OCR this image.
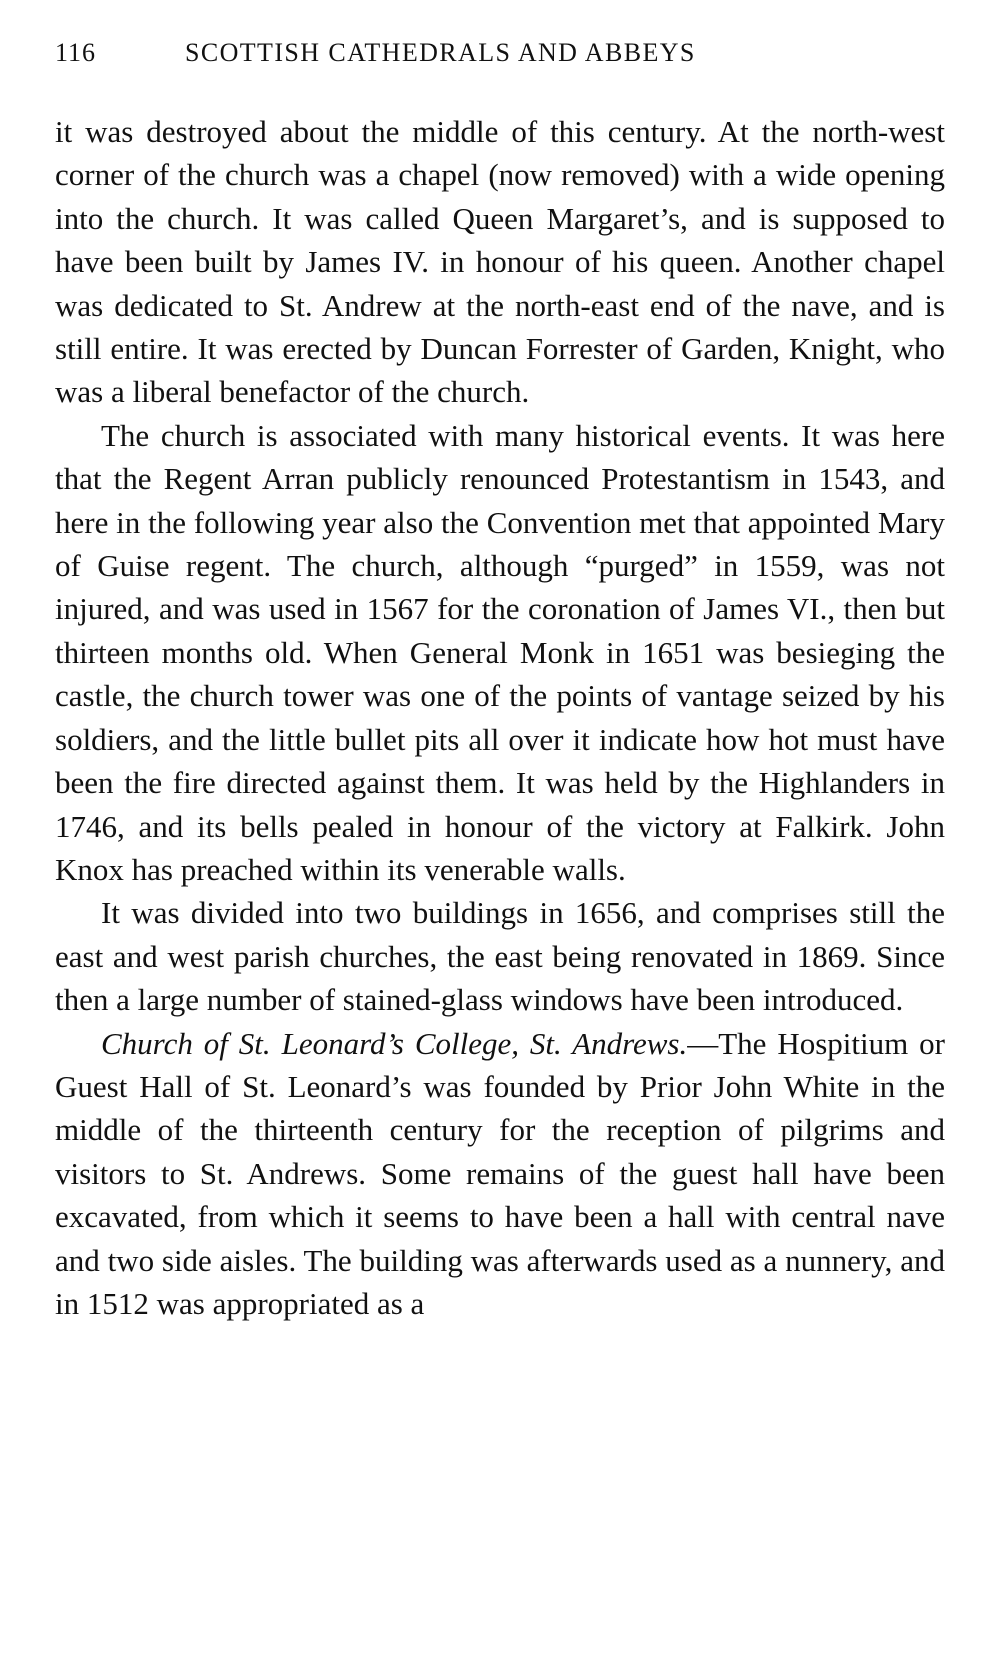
116	SCOTTISH CATHEDRALS AND ABBEYS

it was destroyed about the middle of this century. At the north-west corner of the church was a chapel (now removed) with a wide opening into the church. It was called Queen Margaret’s, and is supposed to have been built by James IV. in honour of his queen. Another chapel was dedicated to St. Andrew at the north-east end of the nave, and is still entire. It was erected by Duncan Forrester of Garden, Knight, who was a liberal benefactor of the church.

The church is associated with many historical events. It was here that the Regent Arran publicly renounced Protestantism in 1543, and here in the following year also the Convention met that appointed Mary of Guise regent. The church, although “purged” in 1559, was not injured, and was used in 1567 for the coronation of James VI., then but thirteen months old. When General Monk in 1651 was besieging the castle, the church tower was one of the points of vantage seized by his soldiers, and the little bullet pits all over it indicate how hot must have been the fire directed against them. It was held by the Highlanders in 1746, and its bells pealed in honour of the victory at Falkirk. John Knox has preached within its venerable walls.

It was divided into two buildings in 1656, and comprises still the east and west parish churches, the east being renovated in 1869. Since then a large number of stained-glass windows have been introduced.

Church of St. Leonard’s College, St. Andrews.—The Hospitium or Guest Hall of St. Leonard’s was founded by Prior John White in the middle of the thirteenth century for the reception of pilgrims and visitors to St. Andrews. Some remains of the guest hall have been excavated, from which it seems to have been a hall with central nave and two side aisles. The building was afterwards used as a nunnery, and in 1512 was appropriated as a
